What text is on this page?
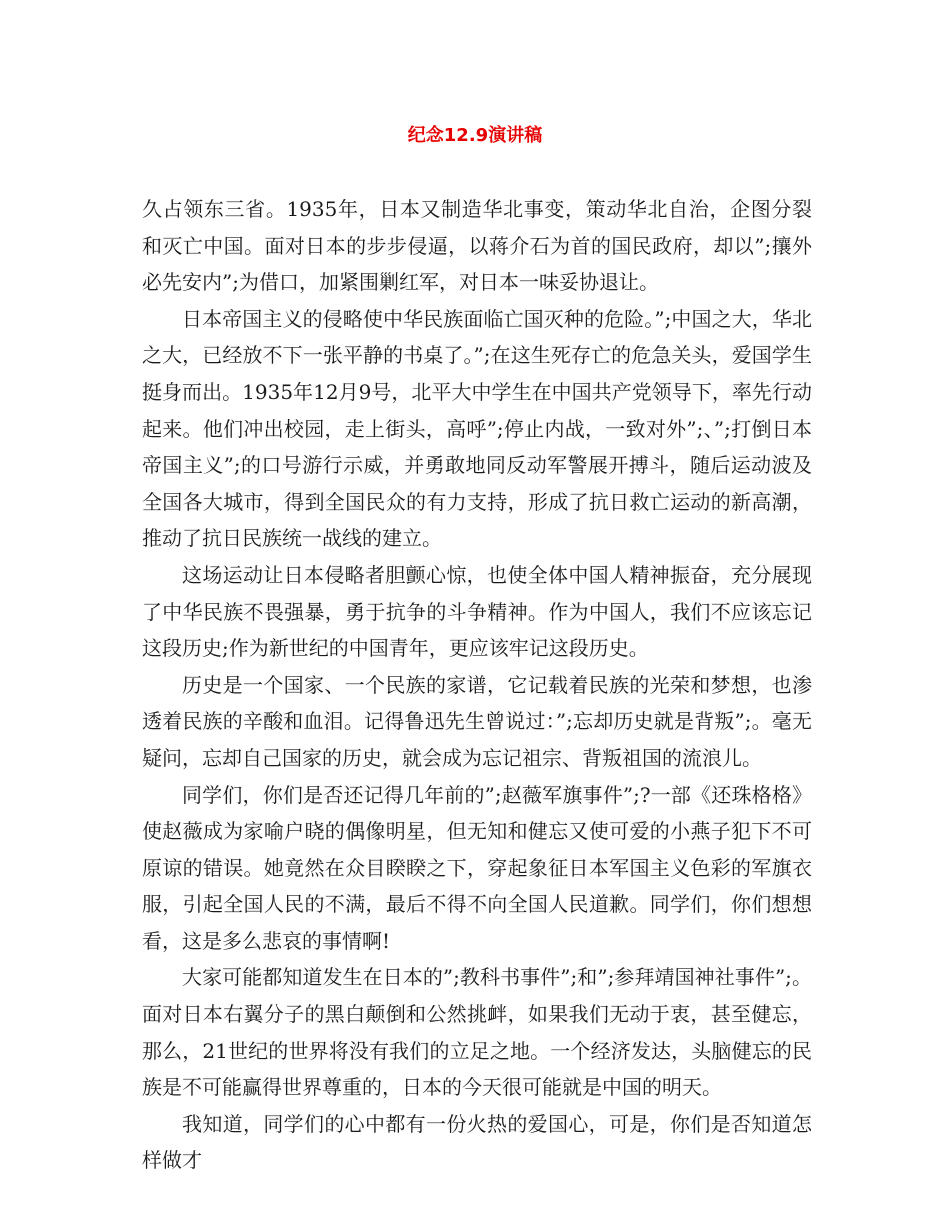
纪念12.9演讲稿

久占领东三省。1935年，日本又制造华北事变，策动华北自治，企图分裂和灭亡中国。面对日本的步步侵逼，以蒋介石为首的国民政府，却以”;攘外必先安内”;为借口，加紧围剿红军，对日本一味妥协退让。

日本帝国主义的侵略使中华民族面临亡国灭种的危险。”;中国之大，华北之大，已经放不下一张平静的书桌了。”;在这生死存亡的危急关头，爱国学生挺身而出。1935年12月9号，北平大中学生在中国共产党领导下，率先行动起来。他们冲出校园，走上街头，高呼”;停止内战，一致对外”;、”;打倒日本帝国主义”;的口号游行示威，并勇敢地同反动军警展开搏斗，随后运动波及全国各大城市，得到全国民众的有力支持，形成了抗日救亡运动的新高潮，推动了抗日民族统一战线的建立。

这场运动让日本侵略者胆颤心惊，也使全体中国人精神振奋，充分展现了中华民族不畏强暴，勇于抗争的斗争精神。作为中国人，我们不应该忘记这段历史;作为新世纪的中国青年，更应该牢记这段历史。

历史是一个国家、一个民族的家谱，它记载着民族的光荣和梦想，也渗透着民族的辛酸和血泪。记得鲁迅先生曾说过：”;忘却历史就是背叛”;。毫无疑问，忘却自己国家的历史，就会成为忘记祖宗、背叛祖国的流浪儿。

同学们，你们是否还记得几年前的”;赵薇军旗事件”;?一部《还珠格格》使赵薇成为家喻户晓的偶像明星，但无知和健忘又使可爱的小燕子犯下不可原谅的错误。她竟然在众目睽睽之下，穿起象征日本军国主义色彩的军旗衣服，引起全国人民的不满，最后不得不向全国人民道歉。同学们，你们想想看，这是多么悲哀的事情啊!

大家可能都知道发生在日本的”;教科书事件”;和”;参拜靖国神社事件”;。面对日本右翼分子的黑白颠倒和公然挑衅，如果我们无动于衷，甚至健忘，那么，21世纪的世界将没有我们的立足之地。一个经济发达，头脑健忘的民族是不可能赢得世界尊重的，日本的今天很可能就是中国的明天。

我知道，同学们的心中都有一份火热的爱国心，可是，你们是否知道怎样做才
